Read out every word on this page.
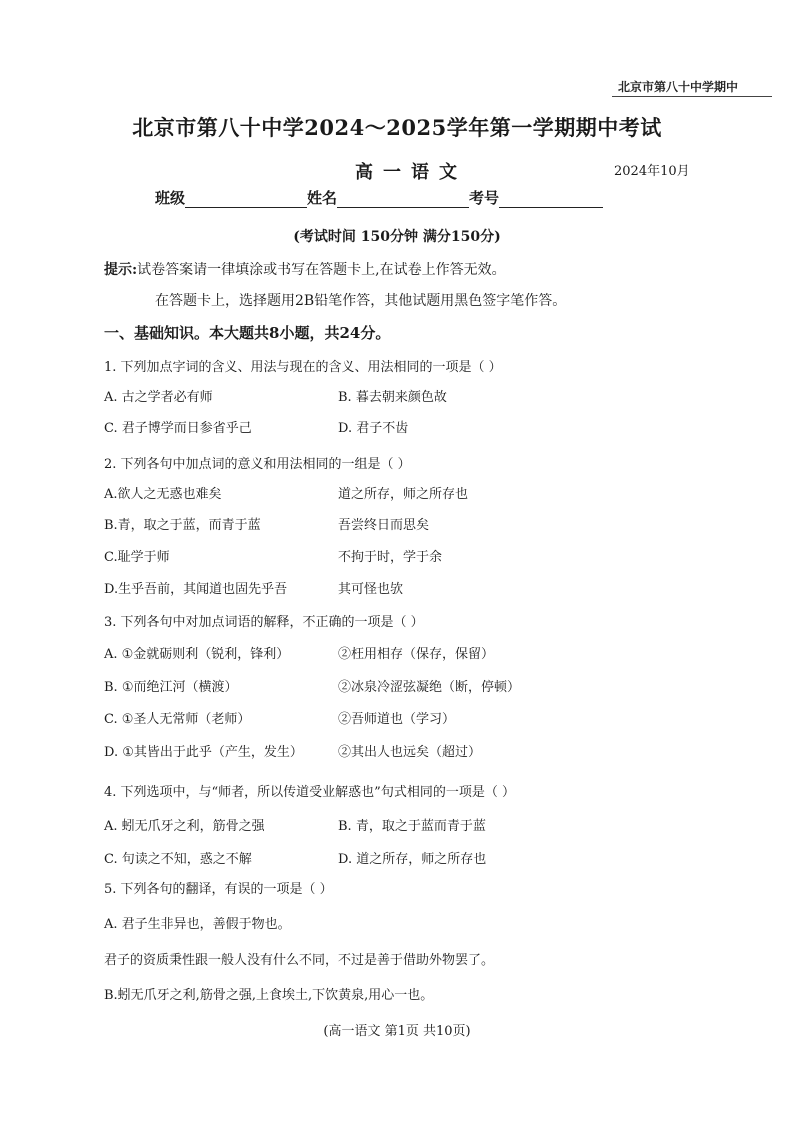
北京市第八十中学期中
北京市第八十中学2024～2025学年第一学期期中考试
高一语文	2024年10月
班级	姓名	考号
(考试时间 150分钟 满分150分)
提示:试卷答案请一律填涂或书写在答题卡上,在试卷上作答无效。
在答题卡上，选择题用2B铅笔作答，其他试题用黑色签字笔作答。
一、基础知识。本大题共8小题，共24分。
1. 下列加点字词的含义、用法与现在的含义、用法相同的一项是（ ）
A. 古之学者必有师	B. 暮去朝来颜色故
C. 君子博学而日参省乎己	D. 君子不齿
2. 下列各句中加点词的意义和用法相同的一组是（ ）
A.欲人之无惑也难矣	道之所存，师之所存也
B.青，取之于蓝，而青于蓝	吾尝终日而思矣
C.耻学于师	不拘于时，学于余
D.生乎吾前，其闻道也固先乎吾	其可怪也欤
3. 下列各句中对加点词语的解释，不正确的一项是（ ）
A. ①金就砺则利（锐利，锋利）	②枉用相存（保存，保留）
B. ①而绝江河（横渡）	②冰泉冷涩弦凝绝（断，停顿）
C. ①圣人无常师（老师）	②吾师道也（学习）
D. ①其皆出于此乎（产生，发生）	②其出人也远矣（超过）
4. 下列选项中，与“师者，所以传道受业解惑也”句式相同的一项是（ ）
A. 蚓无爪牙之利，筋骨之强	B. 青，取之于蓝而青于蓝
C. 句读之不知，惑之不解	D. 道之所存，师之所存也
5. 下列各句的翻译，有误的一项是（ ）
A. 君子生非异也，善假于物也。
君子的资质秉性跟一般人没有什么不同，不过是善于借助外物罢了。
B.蚓无爪牙之利,筋骨之强,上食埃土,下饮黄泉,用心一也。
(高一语文 第1页 共10页)
